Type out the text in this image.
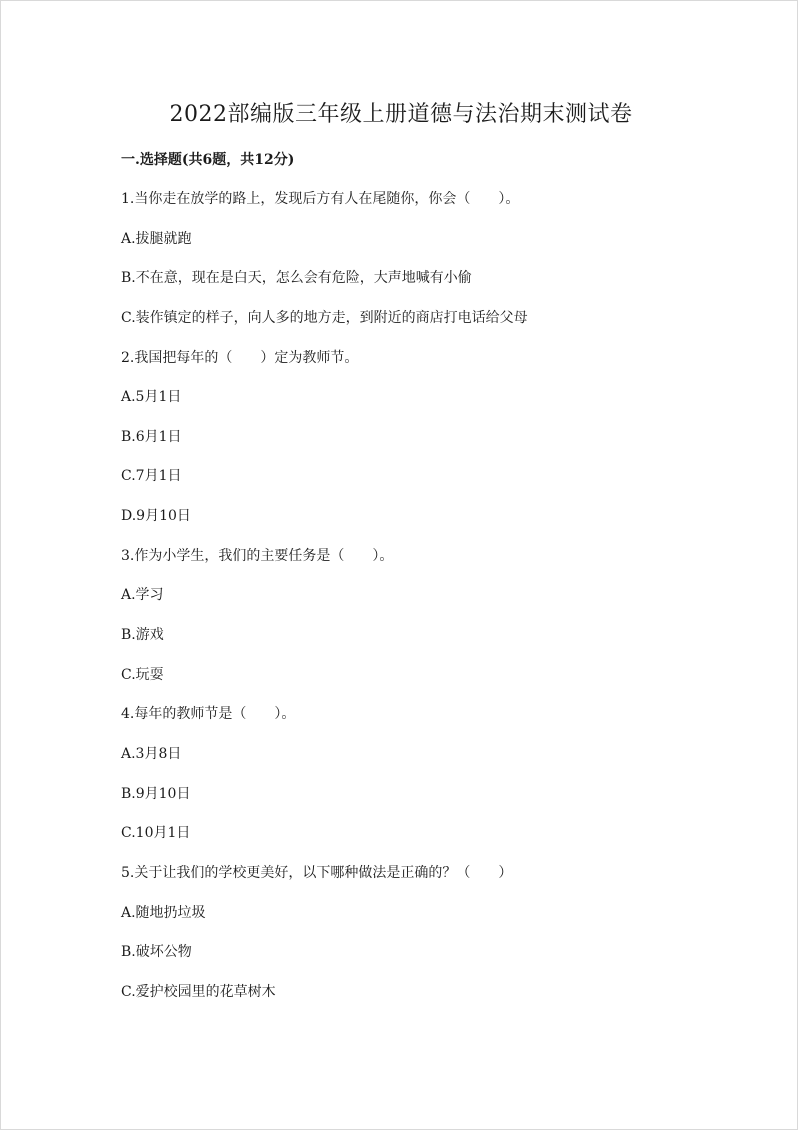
2022部编版三年级上册道德与法治期末测试卷
一.选择题(共6题，共12分)
1.当你走在放学的路上，发现后方有人在尾随你，你会（　　）。
A.拔腿就跑
B.不在意，现在是白天，怎么会有危险，大声地喊有小偷
C.装作镇定的样子，向人多的地方走，到附近的商店打电话给父母
2.我国把每年的（　　）定为教师节。
A.5月1日
B.6月1日
C.7月1日
D.9月10日
3.作为小学生，我们的主要任务是（　　）。
A.学习
B.游戏
C.玩耍
4.每年的教师节是（　　）。
A.3月8日
B.9月10日
C.10月1日
5.关于让我们的学校更美好，以下哪种做法是正确的？（　　）
A.随地扔垃圾
B.破坏公物
C.爱护校园里的花草树木
